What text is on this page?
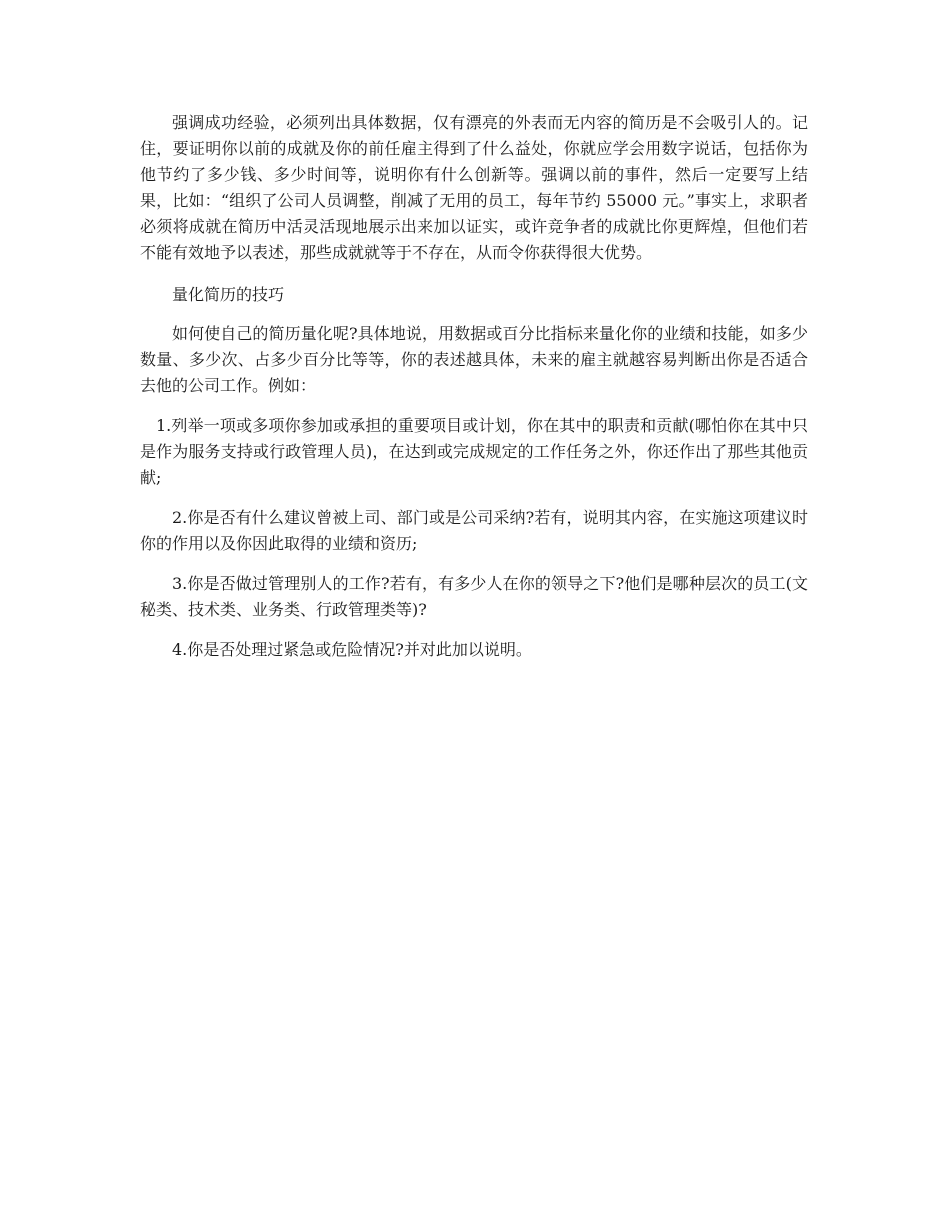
强调成功经验，必须列出具体数据，仅有漂亮的外表而无内容的简历是不会吸引人的。记住，要证明你以前的成就及你的前任雇主得到了什么益处，你就应学会用数字说话，包括你为他节约了多少钱、多少时间等，说明你有什么创新等。强调以前的事件，然后一定要写上结果，比如：“组织了公司人员调整，削减了无用的员工，每年节约 55000 元。”事实上，求职者必须将成就在简历中活灵活现地展示出来加以证实，或许竞争者的成就比你更辉煌，但他们若不能有效地予以表述，那些成就就等于不存在，从而令你获得很大优势。

量化简历的技巧

如何使自己的简历量化呢?具体地说，用数据或百分比指标来量化你的业绩和技能，如多少数量、多少次、占多少百分比等等，你的表述越具体，未来的雇主就越容易判断出你是否适合去他的公司工作。例如：

1.列举一项或多项你参加或承担的重要项目或计划，你在其中的职责和贡献(哪怕你在其中只是作为服务支持或行政管理人员)，在达到或完成规定的工作任务之外，你还作出了那些其他贡献;

2.你是否有什么建议曾被上司、部门或是公司采纳?若有，说明其内容，在实施这项建议时你的作用以及你因此取得的业绩和资历;

3.你是否做过管理别人的工作?若有，有多少人在你的领导之下?他们是哪种层次的员工(文秘类、技术类、业务类、行政管理类等)?

4.你是否处理过紧急或危险情况?并对此加以说明。
